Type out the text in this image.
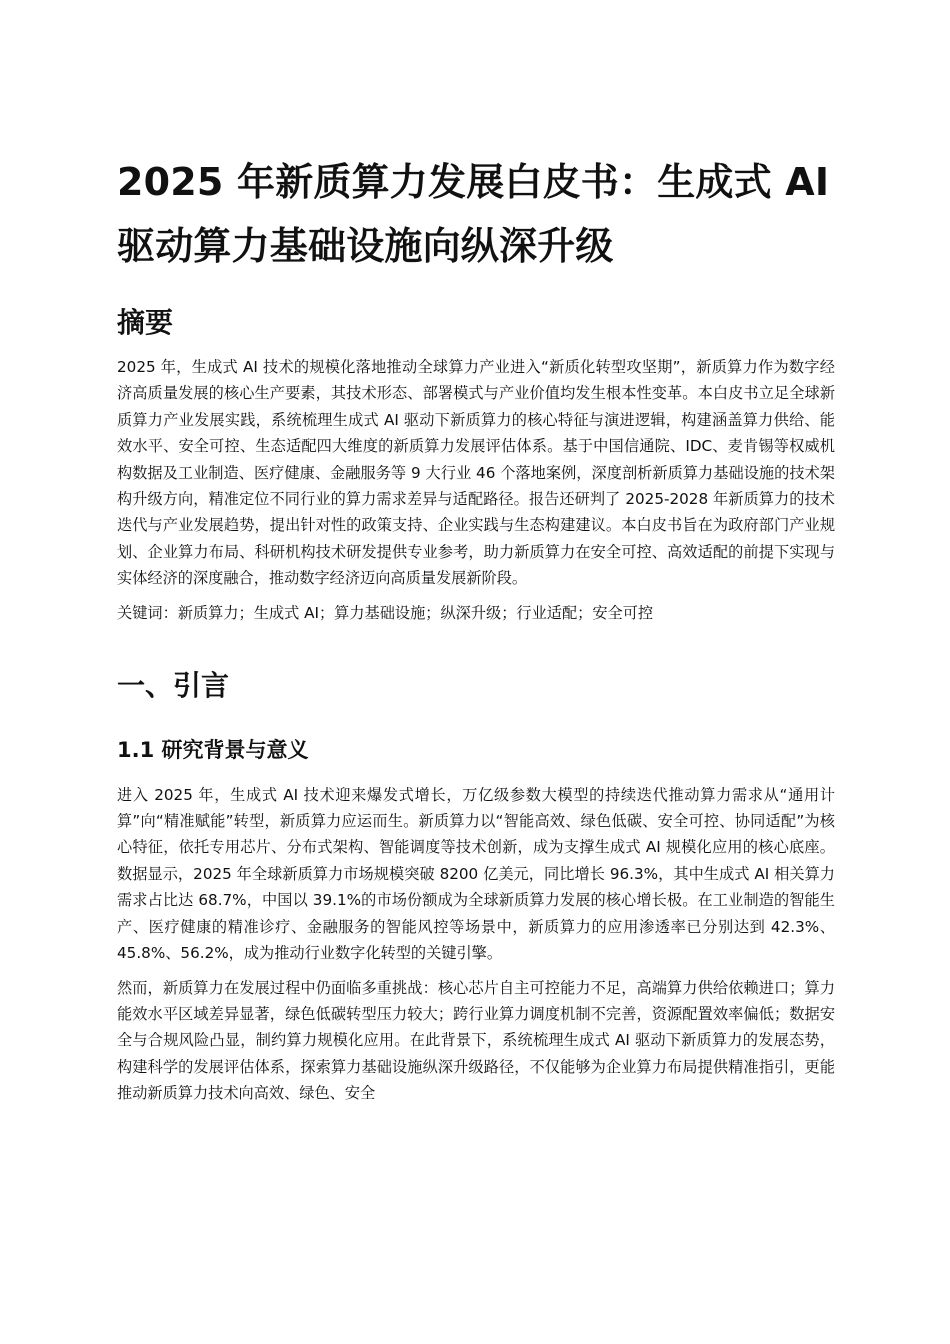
2025 年新质算力发展白皮书：生成式 AI 驱动算力基础设施向纵深升级
摘要

2025 年，生成式 AI 技术的规模化落地推动全球算力产业进入“新质化转型攻坚期”，新质算力作为数字经济高质量发展的核心生产要素，其技术形态、部署模式与产业价值均发生根本性变革。本白皮书立足全球新质算力产业发展实践，系统梳理生成式 AI 驱动下新质算力的核心特征与演进逻辑，构建涵盖算力供给、能效水平、安全可控、生态适配四大维度的新质算力发展评估体系。基于中国信通院、IDC、麦肯锡等权威机构数据及工业制造、医疗健康、金融服务等 9 大行业 46 个落地案例，深度剖析新质算力基础设施的技术架构升级方向，精准定位不同行业的算力需求差异与适配路径。报告还研判了 2025-2028 年新质算力的技术迭代与产业发展趋势，提出针对性的政策支持、企业实践与生态构建建议。本白皮书旨在为政府部门产业规划、企业算力布局、科研机构技术研发提供专业参考，助力新质算力在安全可控、高效适配的前提下实现与实体经济的深度融合，推动数字经济迈向高质量发展新阶段。

关键词：新质算力；生成式 AI；算力基础设施；纵深升级；行业适配；安全可控

一、引言
1.1 研究背景与意义

进入 2025 年，生成式 AI 技术迎来爆发式增长，万亿级参数大模型的持续迭代推动算力需求从“通用计算”向“精准赋能”转型，新质算力应运而生。新质算力以“智能高效、绿色低碳、安全可控、协同适配”为核心特征，依托专用芯片、分布式架构、智能调度等技术创新，成为支撑生成式 AI 规模化应用的核心底座。数据显示，2025 年全球新质算力市场规模突破 8200 亿美元，同比增长 96.3%，其中生成式 AI 相关算力需求占比达 68.7%，中国以 39.1%的市场份额成为全球新质算力发展的核心增长极。在工业制造的智能生产、医疗健康的精准诊疗、金融服务的智能风控等场景中，新质算力的应用渗透率已分别达到 42.3%、45.8%、56.2%，成为推动行业数字化转型的关键引擎。

然而，新质算力在发展过程中仍面临多重挑战：核心芯片自主可控能力不足，高端算力供给依赖进口；算力能效水平区域差异显著，绿色低碳转型压力较大；跨行业算力调度机制不完善，资源配置效率偏低；数据安全与合规风险凸显，制约算力规模化应用。在此背景下，系统梳理生成式 AI 驱动下新质算力的发展态势，构建科学的发展评估体系，探索算力基础设施纵深升级路径，不仅能够为企业算力布局提供精准指引，更能推动新质算力技术向高效、绿色、安全
